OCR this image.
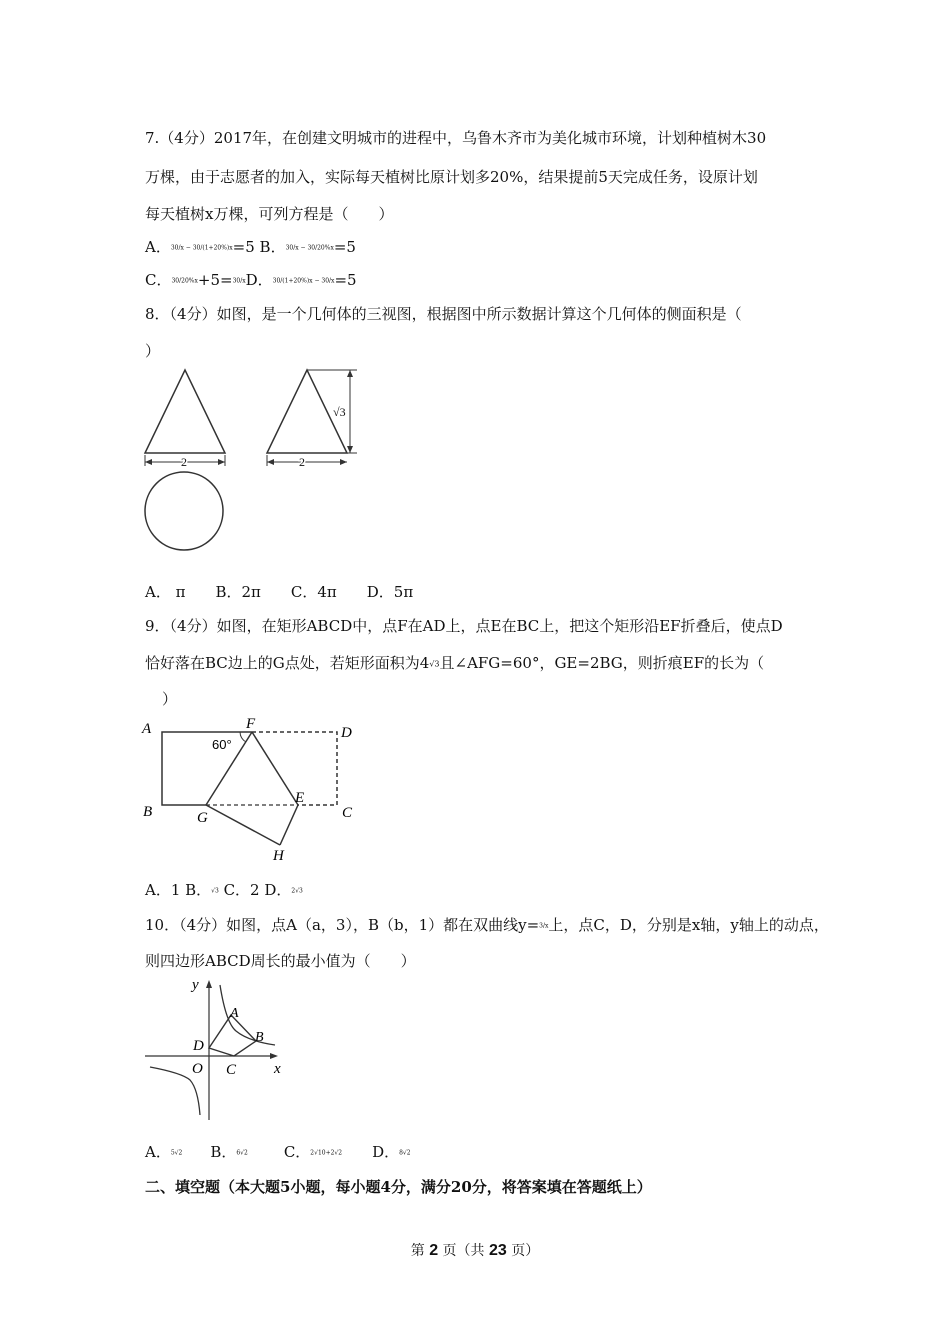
7.（4分）2017年，在创建文明城市的进程中，乌鲁木齐市为美化城市环境，计划种植树木30
万棵，由于志愿者的加入，实际每天植树比原计划多20%，结果提前5天完成任务，设原计划
每天植树x万棵，可列方程是（　　）
A．30/x − 30/(1+20%)x=5 B．30/x − 30/20%x=5
C．30/20%x+5=30/xD．30/(1+20%)x − 30/x=5
8．（4分）如图，是一个几何体的三视图，根据图中所示数据计算这个几何体的侧面积是（
）
2
√3
2
A． π　　B．2π　　C．4π　　D．5π
9．（4分）如图，在矩形ABCD中，点F在AD上，点E在BC上，把这个矩形沿EF折叠后，使点D
恰好落在BC边上的G点处，若矩形面积为4√3且∠AFG=60°，GE=2BG，则折痕EF的长为（
）
A	F
D
B	G
E
C
H
60°
A．1 B．√3 C．2 D．2√3
10．（4分）如图，点A（a，3），B（b，1）都在双曲线y=3/x上，点C，D，分别是x轴，y轴上的动点，
则四边形ABCD周长的最小值为（　　）
y
x
O
A
B
C
D
A．5√2 B．6√2 C．2√10+2√2 D．8√2
二、填空题（本大题5小题，每小题4分，满分20分，将答案填在答题纸上）
第 2 页（共 23 页）
